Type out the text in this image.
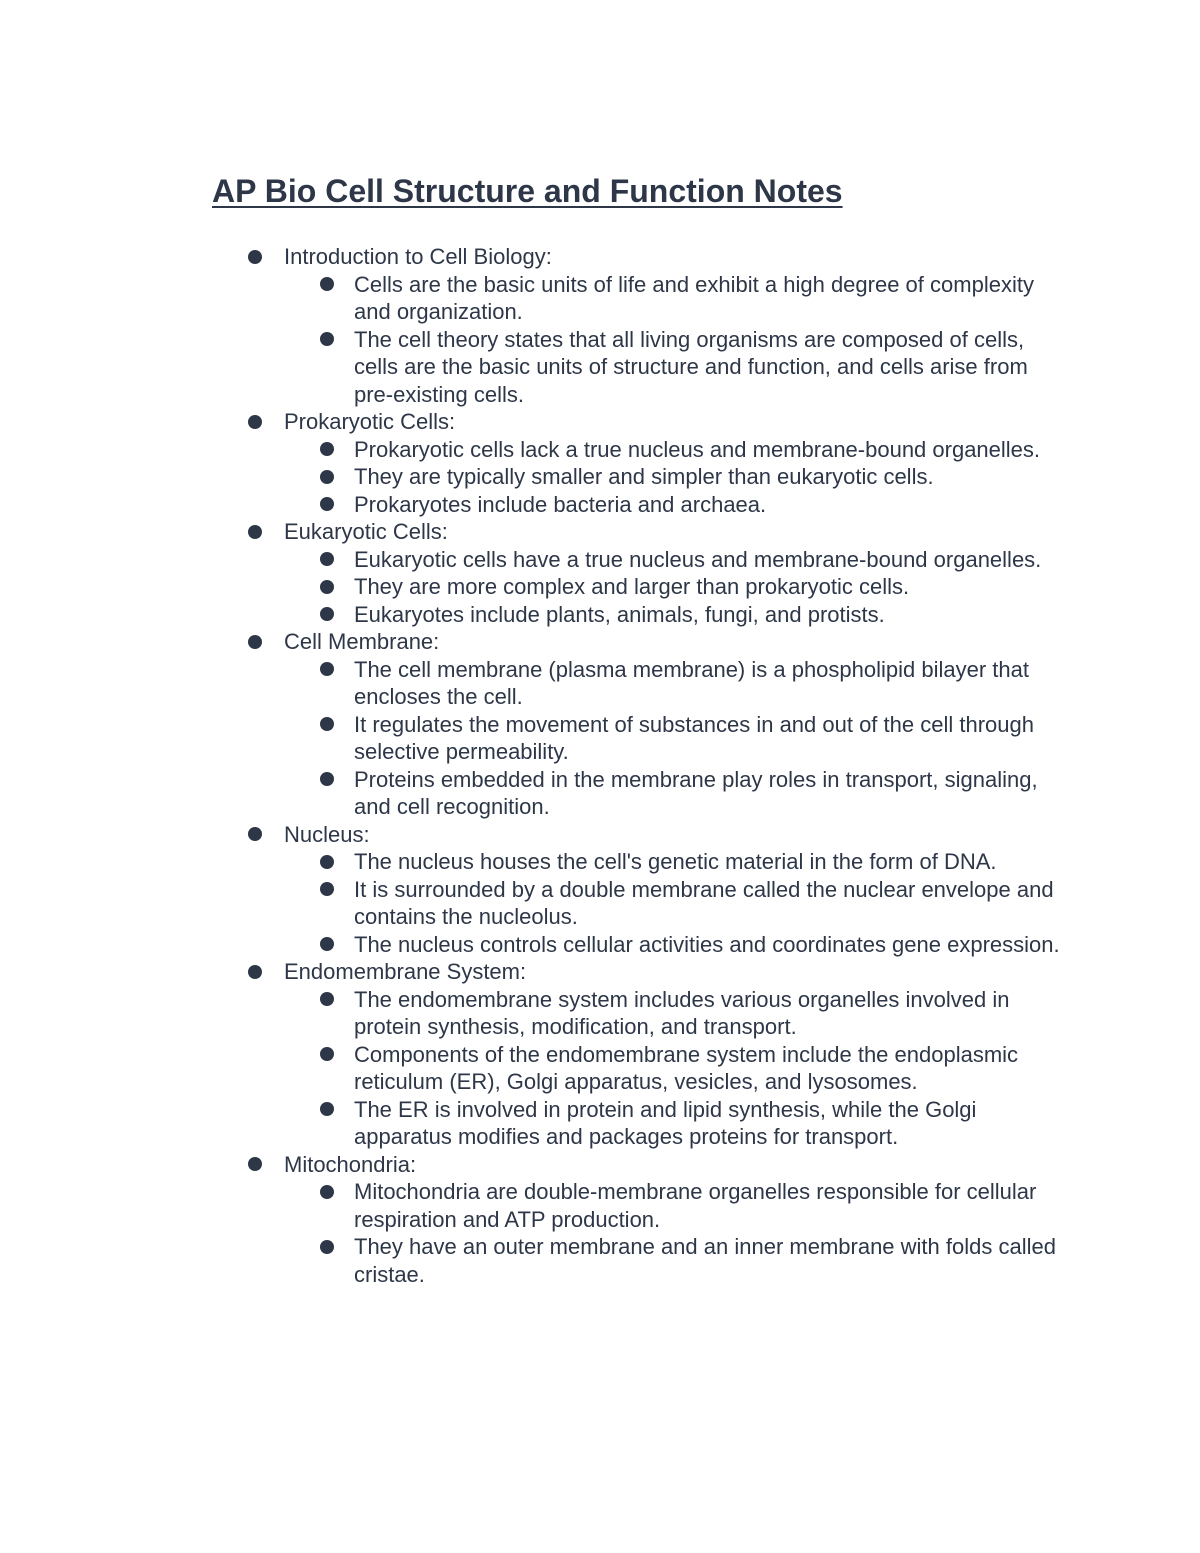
AP Bio Cell Structure and Function Notes
Introduction to Cell Biology:
Cells are the basic units of life and exhibit a high degree of complexity and organization.
The cell theory states that all living organisms are composed of cells, cells are the basic units of structure and function, and cells arise from pre-existing cells.
Prokaryotic Cells:
Prokaryotic cells lack a true nucleus and membrane-bound organelles.
They are typically smaller and simpler than eukaryotic cells.
Prokaryotes include bacteria and archaea.
Eukaryotic Cells:
Eukaryotic cells have a true nucleus and membrane-bound organelles.
They are more complex and larger than prokaryotic cells.
Eukaryotes include plants, animals, fungi, and protists.
Cell Membrane:
The cell membrane (plasma membrane) is a phospholipid bilayer that encloses the cell.
It regulates the movement of substances in and out of the cell through selective permeability.
Proteins embedded in the membrane play roles in transport, signaling, and cell recognition.
Nucleus:
The nucleus houses the cell's genetic material in the form of DNA.
It is surrounded by a double membrane called the nuclear envelope and contains the nucleolus.
The nucleus controls cellular activities and coordinates gene expression.
Endomembrane System:
The endomembrane system includes various organelles involved in protein synthesis, modification, and transport.
Components of the endomembrane system include the endoplasmic reticulum (ER), Golgi apparatus, vesicles, and lysosomes.
The ER is involved in protein and lipid synthesis, while the Golgi apparatus modifies and packages proteins for transport.
Mitochondria:
Mitochondria are double-membrane organelles responsible for cellular respiration and ATP production.
They have an outer membrane and an inner membrane with folds called cristae.
